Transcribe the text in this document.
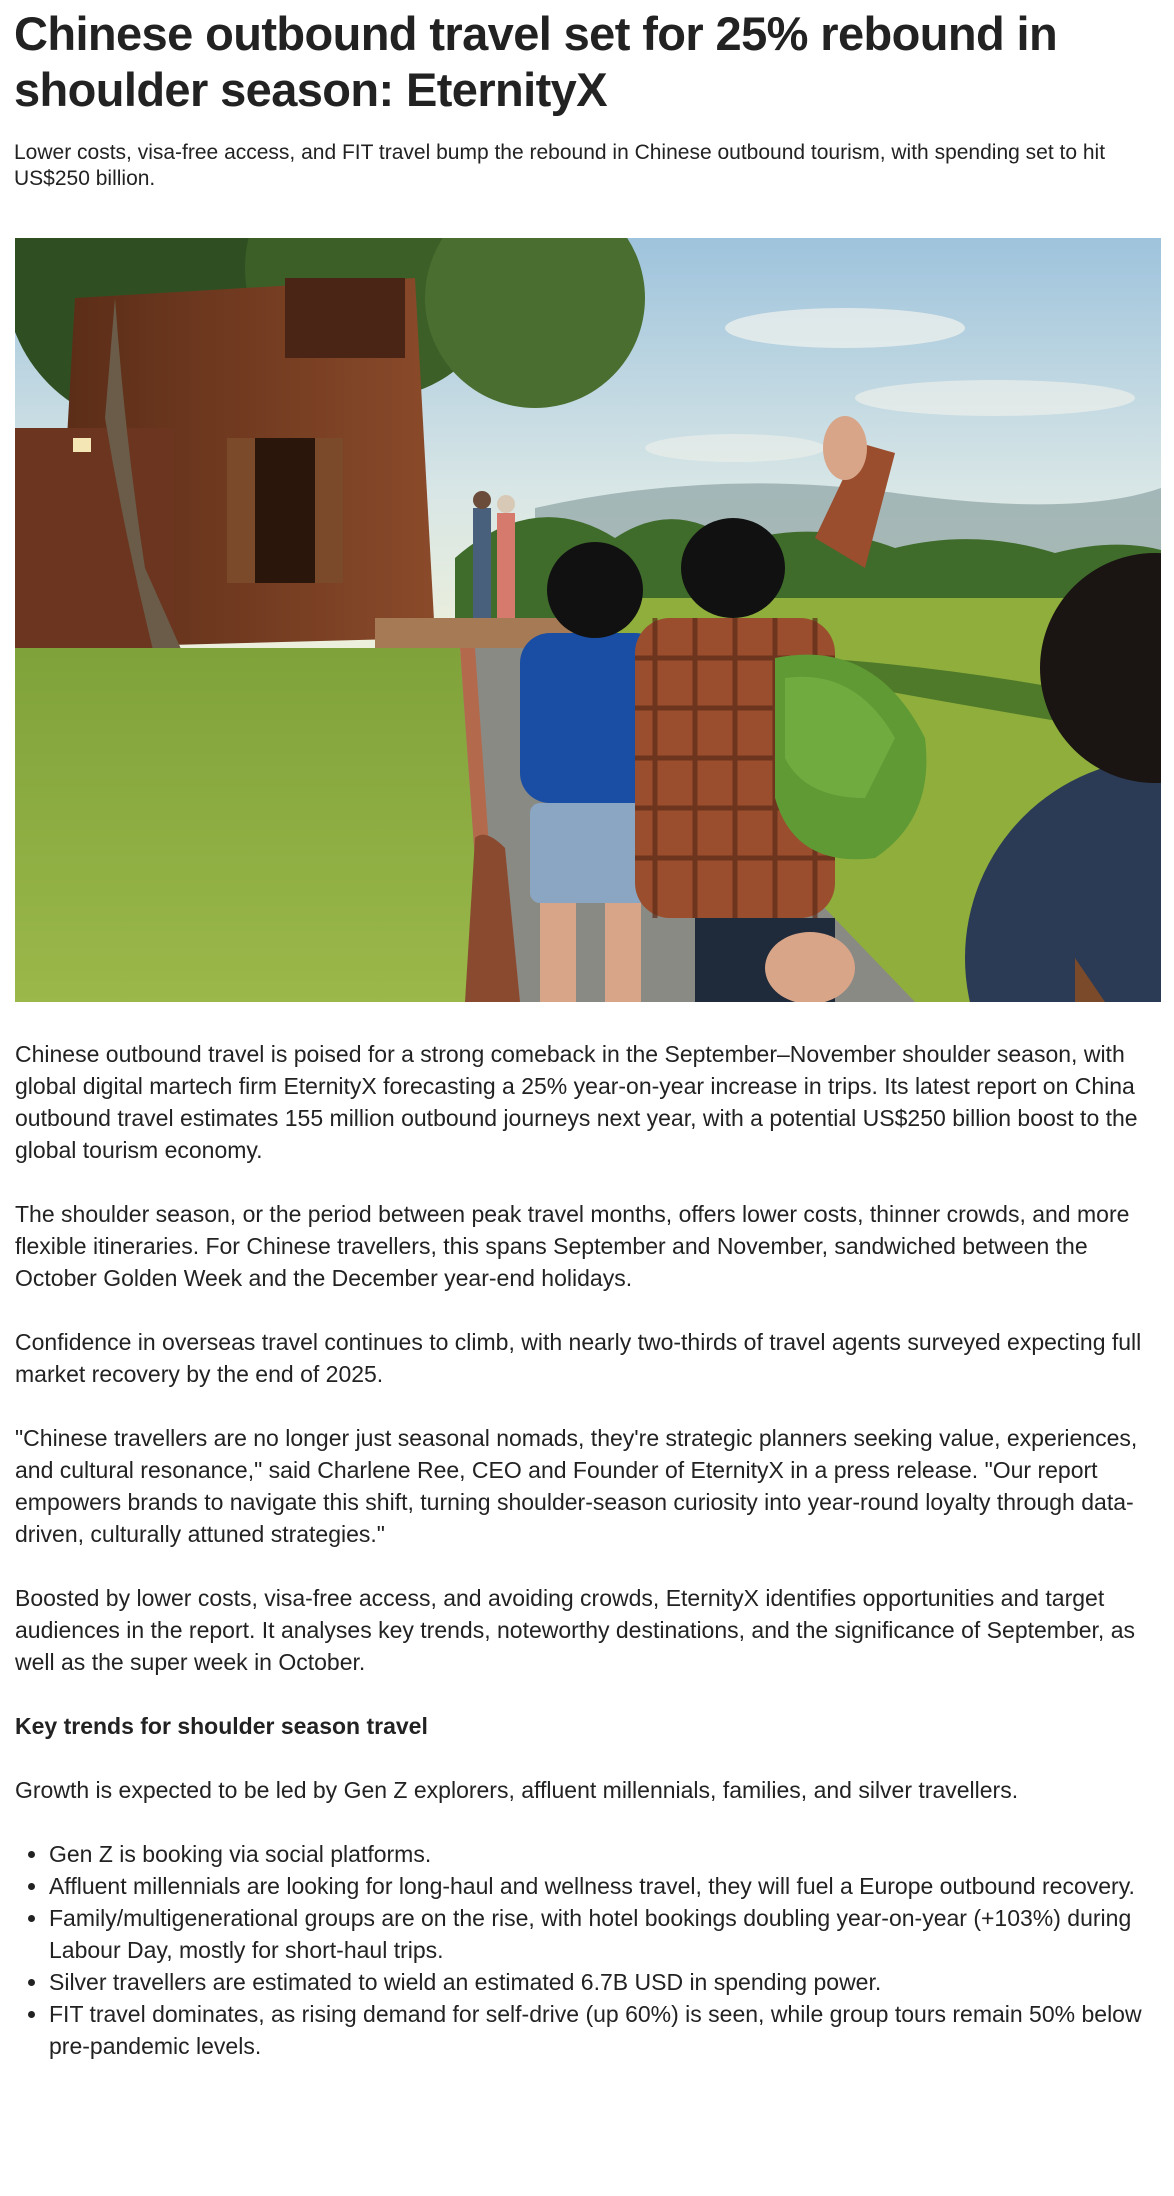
Chinese outbound travel set for 25% rebound in shoulder season: EternityX

Lower costs, visa-free access, and FIT travel bump the rebound in Chinese outbound tourism, with spending set to hit US$250 billion.

Chinese outbound travel is poised for a strong comeback in the September–November shoulder season, with global digital martech firm EternityX forecasting a 25% year-on-year increase in trips. Its latest report on China outbound travel estimates 155 million outbound journeys next year, with a potential US$250 billion boost to the global tourism economy.

The shoulder season, or the period between peak travel months, offers lower costs, thinner crowds, and more flexible itineraries. For Chinese travellers, this spans September and November, sandwiched between the October Golden Week and the December year-end holidays.

Confidence in overseas travel continues to climb, with nearly two-thirds of travel agents surveyed expecting full market recovery by the end of 2025.

"Chinese travellers are no longer just seasonal nomads, they're strategic planners seeking value, experiences, and cultural resonance," said Charlene Ree, CEO and Founder of EternityX in a press release. "Our report empowers brands to navigate this shift, turning shoulder-season curiosity into year-round loyalty through data-driven, culturally attuned strategies."

Boosted by lower costs, visa-free access, and avoiding crowds, EternityX identifies opportunities and target audiences in the report. It analyses key trends, noteworthy destinations, and the significance of September, as well as the super week in October.

Key trends for shoulder season travel

Growth is expected to be led by Gen Z explorers, affluent millennials, families, and silver travellers.

• Gen Z is booking via social platforms.
• Affluent millennials are looking for long-haul and wellness travel, they will fuel a Europe outbound recovery.
• Family/multigenerational groups are on the rise, with hotel bookings doubling year-on-year (+103%) during Labour Day, mostly for short-haul trips.
• Silver travellers are estimated to wield an estimated 6.7B USD in spending power.
• FIT travel dominates, as rising demand for self-drive (up 60%) is seen, while group tours remain 50% below pre-pandemic levels.
